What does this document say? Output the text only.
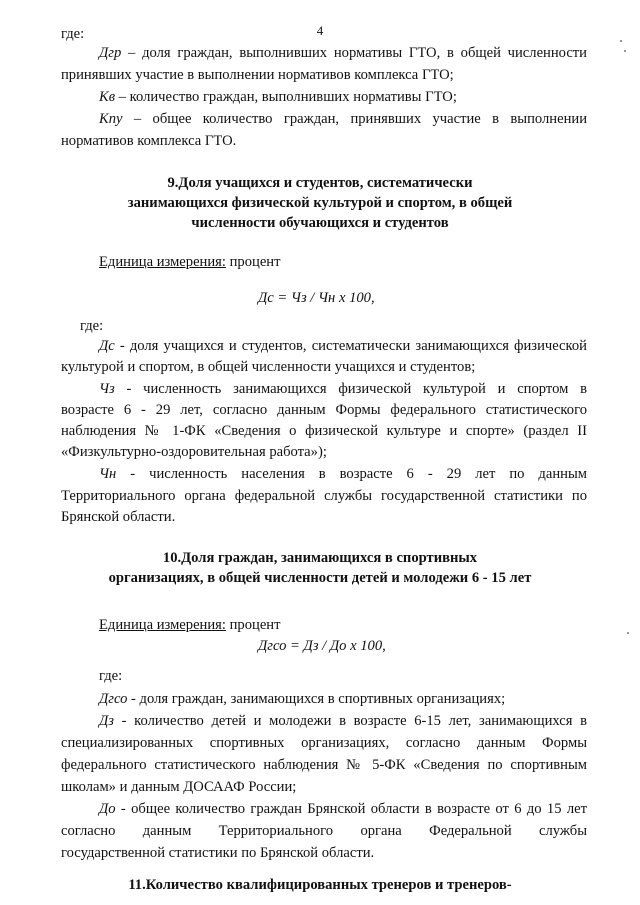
4
где:
Дгр – доля граждан, выполнивших нормативы ГТО, в общей численности
принявших участие в выполнении нормативов комплекса ГТО;
Кв – количество граждан, выполнивших нормативы ГТО;
Кпу – общее количество граждан, принявших участие в выполнении
нормативов комплекса ГТО.
9.Доля учащихся и студентов, систематически
занимающихся физической культурой и спортом, в общей
численности обучающихся и студентов
Единица измерения: процент
Дс = Чз / Чн х 100,
где:
Дс - доля учащихся и студентов, систематически занимающихся физической
культурой и спортом, в общей численности учащихся и студентов;
Чз - численность занимающихся физической культурой и спортом в
возрасте 6 - 29 лет, согласно данным Формы федерального статистического
наблюдения № 1-ФК «Сведения о физической культуре и спорте» (раздел II
«Физкультурно-оздоровительная работа»);
Чн - численность населения в возрасте 6 - 29 лет по данным
Территориального органа федеральной службы государственной статистики по
Брянской области.
10.Доля граждан, занимающихся в спортивных
организациях, в общей численности детей и молодежи 6 - 15 лет
Единица измерения: процент
Дгсо = Дз / До х 100,
где:
Дгсо - доля граждан, занимающихся в спортивных организациях;
Дз - количество детей и молодежи в возрасте 6-15 лет, занимающихся в
специализированных спортивных организациях, согласно данным Формы
федерального статистического наблюдения № 5-ФК «Сведения по спортивным
школам» и данным ДОСААФ России;
До - общее количество граждан Брянской области в возрасте от 6 до 15 лет
согласно данным Территориального органа Федеральной службы
государственной статистики по Брянской области.
11.Количество квалифицированных тренеров и тренеров-
